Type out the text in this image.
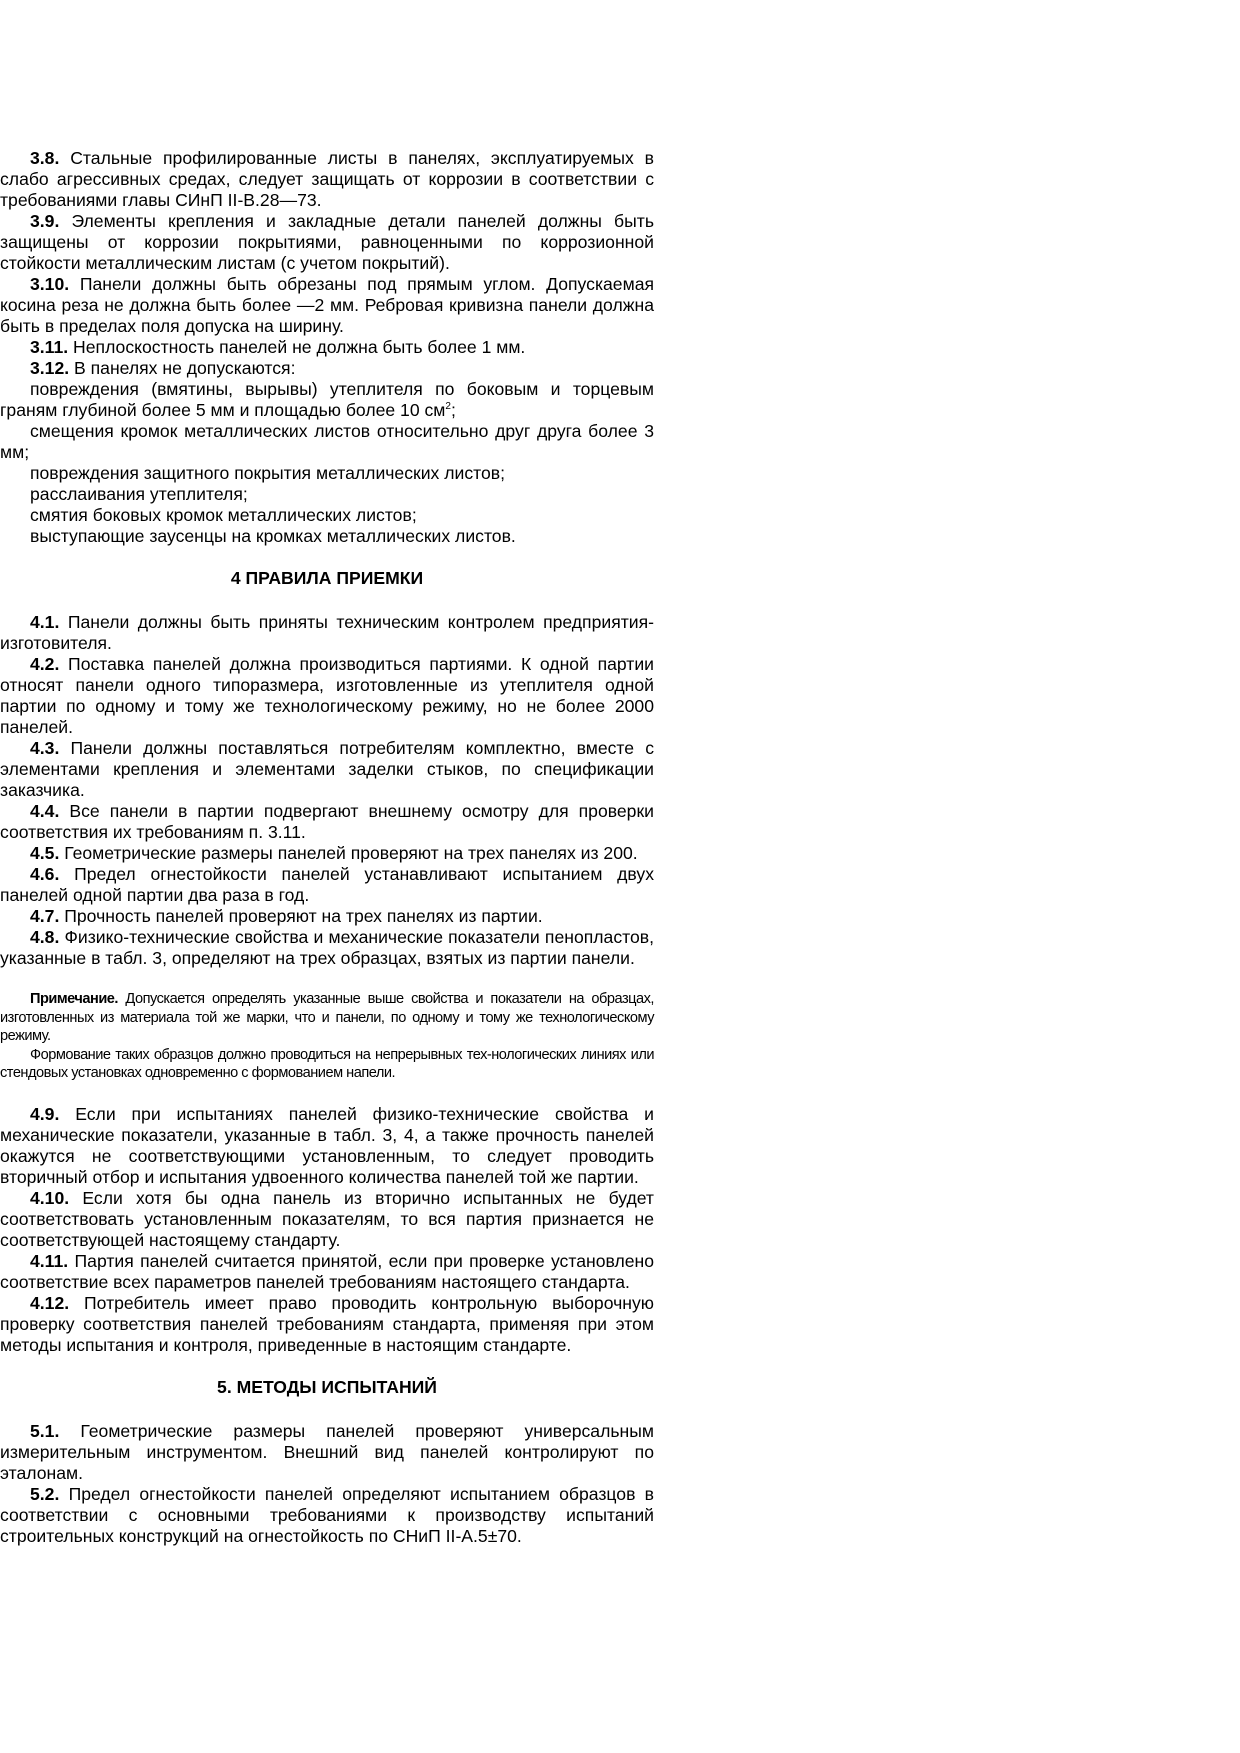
3.8. Стальные профилированные листы в панелях, эксплуатируемых в слабо агрессивных средах, следует защищать от коррозии в соответствии с требованиями главы СИнП II-В.28—73.

3.9. Элементы крепления и закладные детали панелей должны быть защищены от коррозии покрытиями, равноценными по коррозионной стойкости металлическим листам (с учетом покрытий).

3.10. Панели должны быть обрезаны под прямым углом. Допускаемая косина реза не должна быть более —2 мм. Ребровая кривизна панели должна быть в пределах поля допуска на ширину.

3.11. Неплоскостность панелей не должна быть более 1 мм.

3.12. В панелях не допускаются:

повреждения (вмятины, вырывы) утеплителя по боковым и торцевым граням глубиной более 5 мм и площадью более 10 $см^2$;

смещения кромок металлических листов относительно друг друга более 3 мм;

повреждения защитного покрытия металлических листов;

расслаивания утеплителя;

смятия боковых кромок металлических листов;

выступающие заусенцы на кромках металлических листов.

4 ПРАВИЛА ПРИЕМКИ

4.1. Панели должны быть приняты техническим контролем предприятия-изготовителя.

4.2. Поставка панелей должна производиться партиями. К одной партии относят панели одного типоразмера, изготовленные из утеплителя одной партии по одному и тому же технологическому режиму, но не более 2000 панелей.

4.3. Панели должны поставляться потребителям комплектно, вместе с элементами крепления и элементами заделки стыков, по спецификации заказчика.

4.4. Все панели в партии подвергают внешнему осмотру для проверки соответствия их требованиям п. 3.11.

4.5. Геометрические размеры панелей проверяют на трех панелях из 200.

4.6. Предел огнестойкости панелей устанавливают испытанием двух панелей одной партии два раза в год.

4.7. Прочность панелей проверяют на трех панелях из партии.

4.8. Физико-технические свойства и механические показатели пенопластов, указанные в табл. 3, определяют на трех образцах, взятых из партии панели.

Примечание. Допускается определять указанные выше свойства и показатели на образцах, изготовленных из материала той же марки, что и панели, по одному и тому же технологическому режиму.

Формование таких образцов должно проводиться на непрерывных тех-нологических линиях или стендовых установках одновременно с формованием напели.

4.9. Если при испытаниях панелей физико-технические свойства и механические показатели, указанные в табл. 3, 4, а также прочность панелей окажутся не соответствующими установленным, то следует проводить вторичный отбор и испытания удвоенного количества панелей той же партии.

4.10. Если хотя бы одна панель из вторично испытанных не будет соответствовать установленным показателям, то вся партия признается не соответствующей настоящему стандарту.

4.11. Партия панелей считается принятой, если при проверке установлено соответствие всех параметров панелей требованиям настоящего стандарта.

4.12. Потребитель имеет право проводить контрольную выборочную проверку соответствия панелей требованиям стандарта, применяя при этом методы испытания и контроля, приведенные в настоящим стандарте.

5. МЕТОДЫ ИСПЫТАНИЙ

5.1. Геометрические размеры панелей проверяют универсальным измерительным инструментом. Внешний вид панелей контролируют по эталонам.

5.2. Предел огнестойкости панелей определяют испытанием образцов в соответствии с основными требованиями к производству испытаний строительных конструкций на огнестойкость по СНиП II-А.5±70.
